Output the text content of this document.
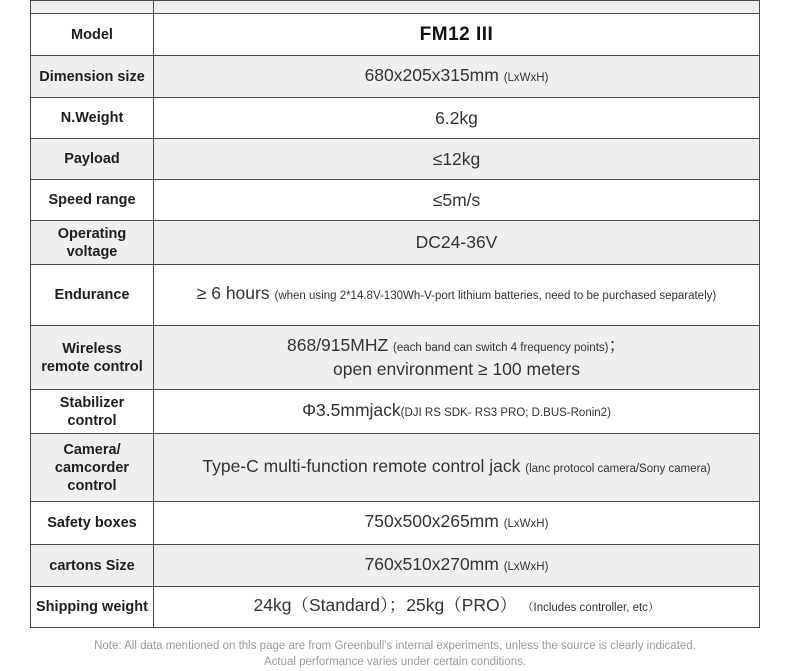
Model	FM12 III
Dimension size	680x205x315mm (LxWxH)
N.Weight	6.2kg
Payload	≤12kg
Speed range	≤5m/s

Operating
voltage	DC24-36V
Endurance	≥ 6 hours (when using 2*14.8V-130Wh-V-port lithium batteries, need to be purchased separately)

Wireless
remote control	868/915MHZ (each band can switch 4 frequency points)；
open environment ≥ 100 meters

Stabilizer
control	Φ3.5mmjack(DJI RS SDK- RS3 PRO; D.BUS-Ronin2)

Camera/
camcorder
control	Type-C multi-function remote control jack (lanc protocol camera/Sony camera)
Safety boxes	750x500x265mm (LxWxH)
cartons Size	760x510x270mm (LxWxH)
Shipping weight	24kg（Standard）；25kg（PRO） （Includes controller, etc）
Note: All data mentioned on this page are from Greenbull's internal experiments, unless the source is clearly indicated.
Actual performance varies under certain conditions.
